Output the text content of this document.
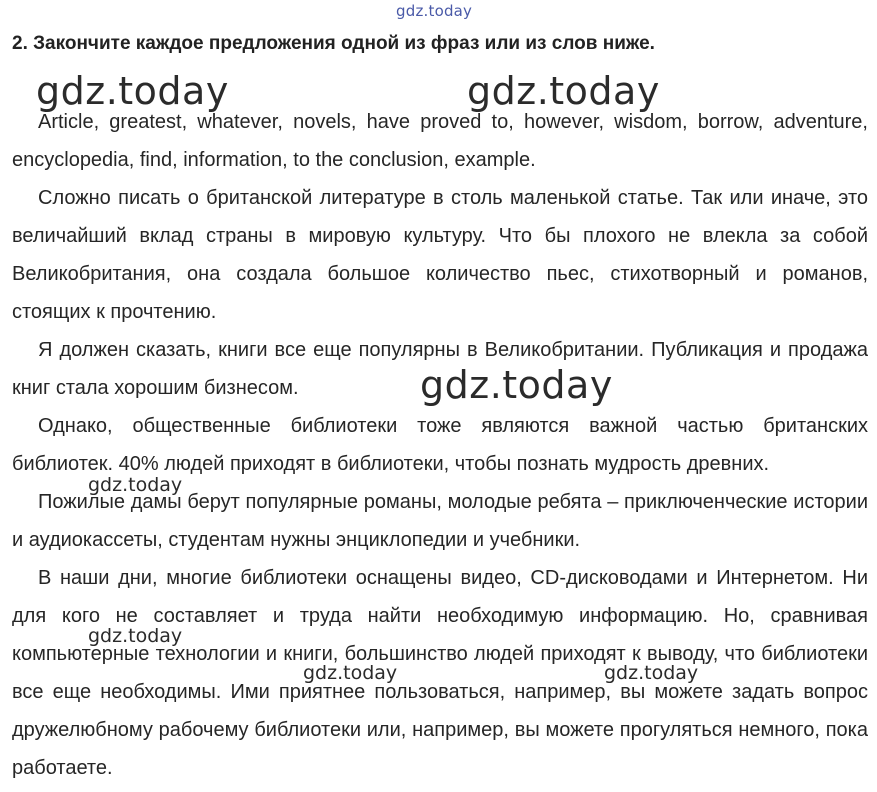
gdz.today

2. Закончите каждое предложения одной из фраз или из слов ниже.

Article, greatest, whatever, novels, have proved to, however, wisdom, borrow, adventure, encyclopedia, find, information, to the conclusion, example.

Сложно писать о британской литературе в столь маленькой статье. Так или иначе, это величайший вклад страны в мировую культуру. Что бы плохого не влекла за собой Великобритания, она создала большое количество пьес, стихотворный и романов, стоящих к прочтению.

Я должен сказать, книги все еще популярны в Великобритании. Публикация и продажа книг стала хорошим бизнесом.

Однако, общественные библиотеки тоже являются важной частью британских библиотек. 40% людей приходят в библиотеки, чтобы познать мудрость древних.

Пожилые дамы берут популярные романы, молодые ребята – приключенческие истории и аудиокассеты, студентам нужны энциклопедии и учебники.

В наши дни, многие библиотеки оснащены видео, CD-дисководами и Интернетом. Ни для кого не составляет и труда найти необходимую информацию. Но, сравнивая компьютерные технологии и книги, большинство людей приходят к выводу, что библиотеки все еще необходимы. Ими приятнее пользоваться, например, вы можете задать вопрос дружелюбному рабочему библиотеки или, например, вы можете прогуляться немного, пока работаете.

gdz.today	gdz.today
gdz.today
gdz.today
gdz.today
gdz.today	gdz.today
